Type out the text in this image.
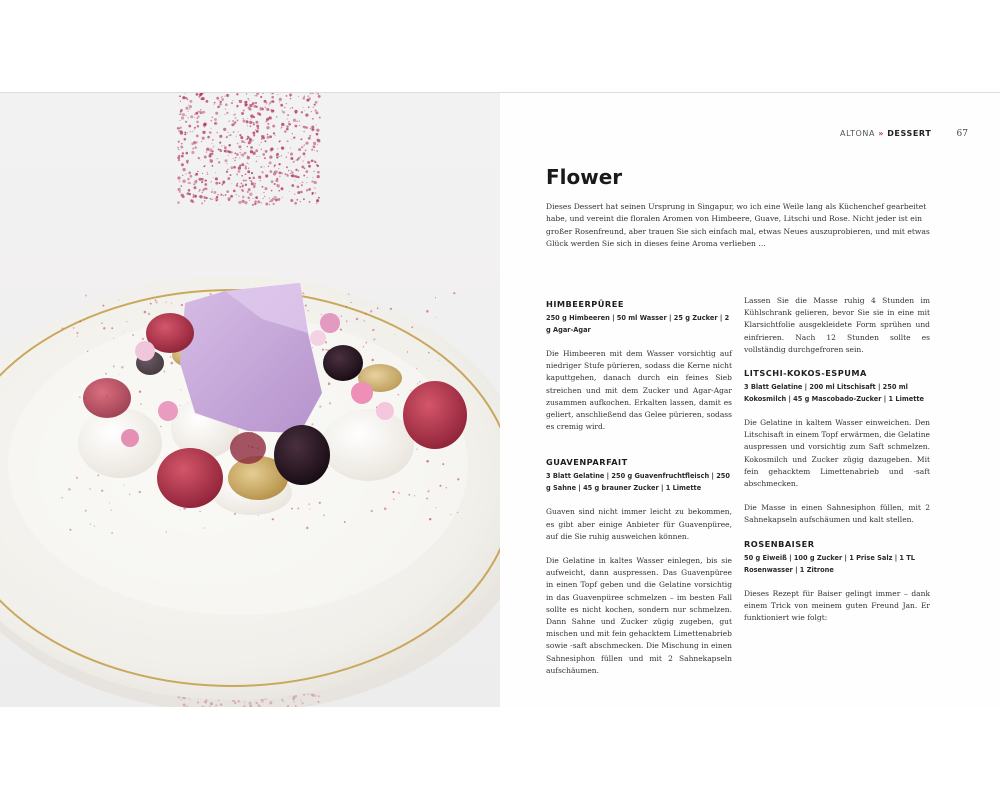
ALTONA » DESSERT	67
Flower
Dieses Dessert hat seinen Ursprung in Singapur, wo ich eine Weile lang als Küchenchef gearbeitet habe, und vereint die floralen Aromen von Himbeere, Guave, Litschi und Rose. Nicht jeder ist ein großer Rosenfreund, aber trauen Sie sich einfach mal, etwas Neues auszuprobieren, und mit etwas Glück werden Sie sich in dieses feine Aroma verlieben …
HIMBEERPÜREE
250 g Himbeeren | 50 ml Wasser | 25 g Zucker | 2 g Agar-Agar
Die Himbeeren mit dem Wasser vorsichtig auf niedriger Stufe pürieren, sodass die Kerne nicht kaputtgehen, danach durch ein feines Sieb streichen und mit dem Zucker und Agar-Agar zusammen aufkochen. Erkalten lassen, damit es geliert, anschließend das Gelee pürieren, sodass es cremig wird.
GUAVENPARFAIT
3 Blatt Gelatine | 250 g Guavenfruchtfleisch | 250 g Sahne | 45 g brauner Zucker | 1 Limette
Guaven sind nicht immer leicht zu bekommen, es gibt aber einige Anbieter für Guavenpüree, auf die Sie ruhig ausweichen können.
Die Gelatine in kaltes Wasser einlegen, bis sie aufweicht, dann auspressen. Das Guavenpüree in einen Topf geben und die Gelatine vorsichtig in das Guavenpüree schmelzen – im besten Fall sollte es nicht kochen, sondern nur schmelzen. Dann Sahne und Zucker zügig zugeben, gut mischen und mit fein gehacktem Limettenabrieb sowie -saft abschmecken. Die Mischung in einen Sahnesiphon füllen und mit 2 Sahnekapseln aufschäumen.
Lassen Sie die Masse ruhig 4 Stunden im Kühlschrank gelieren, bevor Sie sie in eine mit Klarsichtfolie ausgekleidete Form sprühen und einfrieren. Nach 12 Stunden sollte es vollständig durchgefroren sein.
LITSCHI-KOKOS-ESPUMA
3 Blatt Gelatine | 200 ml Litschisaft | 250 ml Kokosmilch | 45 g Mascobado-Zucker | 1 Limette
Die Gelatine in kaltem Wasser einweichen. Den Litschisaft in einem Topf erwärmen, die Gelatine auspressen und vorsichtig zum Saft schmelzen. Kokosmilch und Zucker zügig dazugeben. Mit fein gehacktem Limettenabrieb und -saft abschmecken.
Die Masse in einen Sahnesiphon füllen, mit 2 Sahnekapseln aufschäumen und kalt stellen.
ROSENBAISER
50 g Eiweiß | 100 g Zucker | 1 Prise Salz | 1 TL Rosenwasser | 1 Zitrone
Dieses Rezept für Baiser gelingt immer – dank einem Trick von meinem guten Freund Jan. Er funktioniert wie folgt:
